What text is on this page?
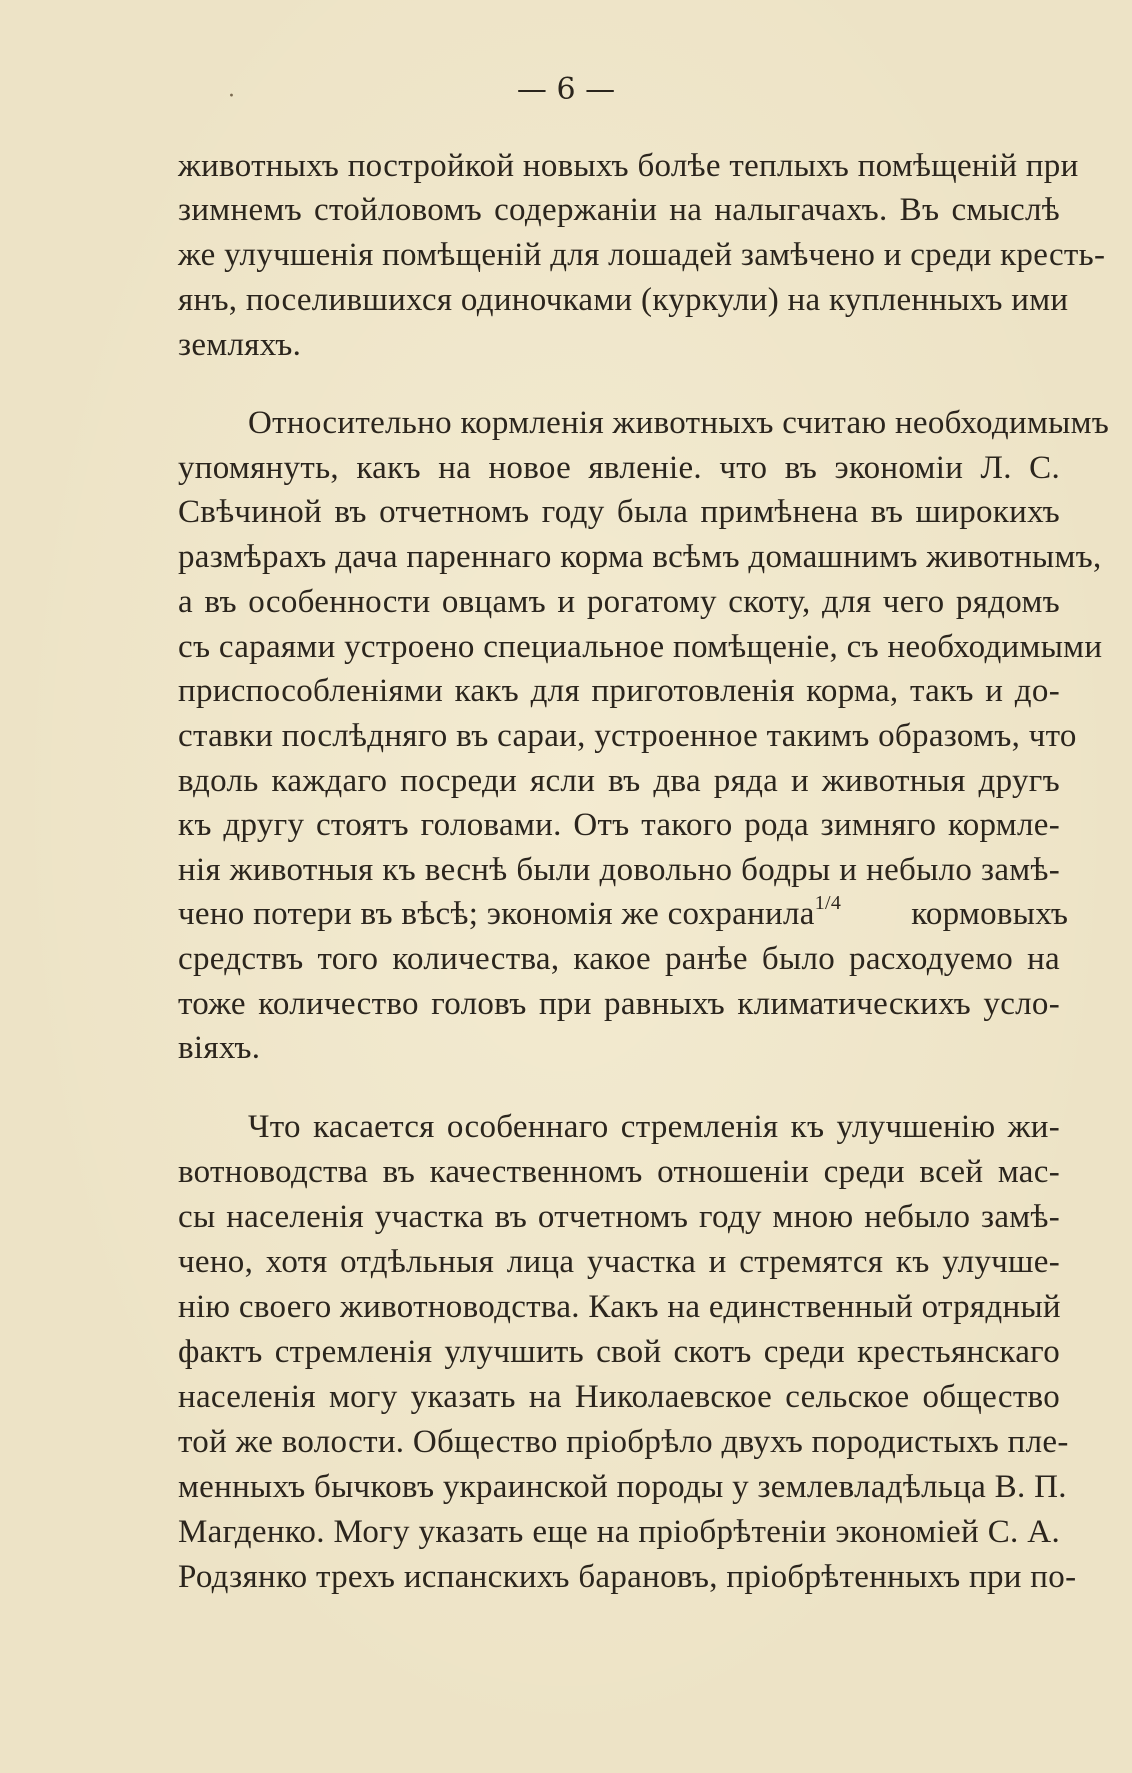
— 6 —
·
животныхъ постройкой новыхъ болѣе теплыхъ помѣщеній при
зимнемъ стойловомъ содержаніи на налыгачахъ. Въ смыслѣ
же улучшенія помѣщеній для лошадей замѣчено и среди кресть-
янъ, поселившихся одиночками (куркули) на купленныхъ ими
земляхъ.
Относительно кормленія животныхъ считаю необходимымъ
упомянуть, какъ на новое явленіе. что въ экономіи Л. С.
Свѣчиной въ отчетномъ году была примѣнена въ широкихъ
размѣрахъ дача пареннаго корма всѣмъ домашнимъ животнымъ,
а въ особенности овцамъ и рогатому скоту, для чего рядомъ
съ сараями устроено специальное помѣщеніе, съ необходимыми
приспособленіями какъ для приготовленія корма, такъ и до-
ставки послѣдняго въ сараи, устроенное такимъ образомъ, что
вдоль каждаго посреди ясли въ два ряда и животныя другъ
къ другу стоятъ головами. Отъ такого рода зимняго кормле-
нія животныя къ веснѣ были довольно бодры и небыло замѣ-
чено потери въ вѣсѣ; экономія же сохранила$^{1/4}$ кормовыхъ
средствъ того количества, какое ранѣе было расходуемо на
тоже количество головъ при равныхъ климатическихъ усло-
віяхъ.
Что касается особеннаго стремленія къ улучшенію жи-
вотноводства въ качественномъ отношеніи среди всей мас-
сы населенія участка въ отчетномъ году мною небыло замѣ-
чено, хотя отдѣльныя лица участка и стремятся къ улучше-
нію своего животноводства. Какъ на единственный отрядный
фактъ стремленія улучшить свой скотъ среди крестьянскаго
населенія могу указать на Николаевское сельское общество
той же волости. Общество пріобрѣло двухъ породистыхъ пле-
менныхъ бычковъ украинской породы у землевладѣльца В. П.
Магденко. Могу указать еще на пріобрѣтеніи экономіей С. А.
Родзянко трехъ испанскихъ барановъ, пріобрѣтенныхъ при по-
